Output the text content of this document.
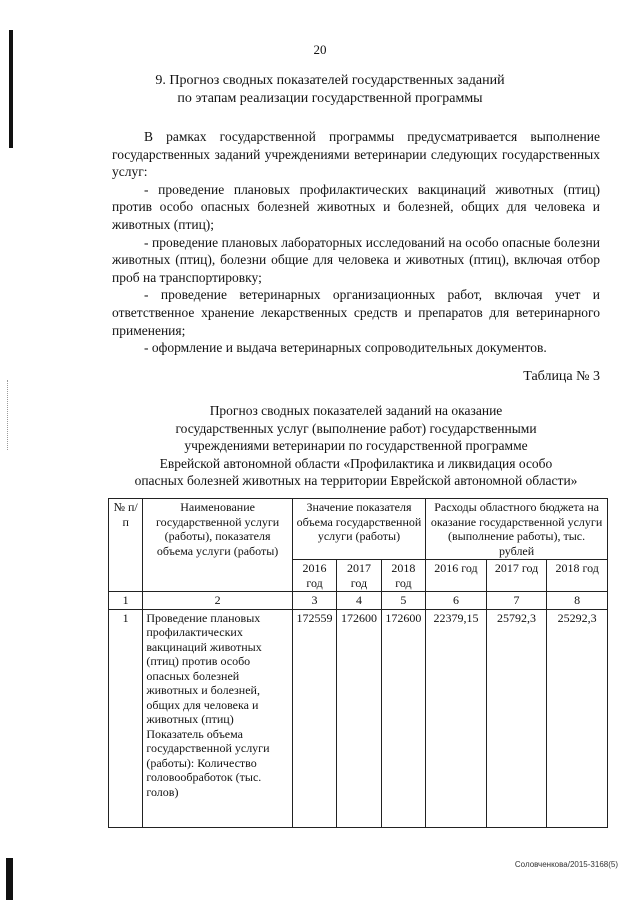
20
9. Прогноз сводных показателей государственных заданий
по этапам реализации государственной программы

В рамках государственной программы предусматривается выполнение государственных заданий учреждениями ветеринарии следующих государственных услуг:

- проведение плановых профилактических вакцинаций животных (птиц) против особо опасных болезней животных и болезней, общих для человека и животных (птиц);

- проведение плановых лабораторных исследований на особо опасные болезни животных (птиц), болезни общие для человека и животных (птиц), включая отбор проб на транспортировку;

- проведение ветеринарных организационных работ, включая учет и ответственное хранение лекарственных средств и препаратов для ветеринарного применения;

- оформление и выдача ветеринарных сопроводительных документов.

Таблица № 3
Прогноз сводных показателей заданий на оказание
государственных услуг (выполнение работ) государственными
учреждениями ветеринарии по государственной программе
Еврейской автономной области «Профилактика и ликвидация особо
опасных болезней животных на территории Еврейской автономной области»
№ п/п	Наименование государственной услуги (работы), показателя объема услуги (работы)	Значение показателя объема государственной услуги (работы)			Расходы областного бюджета на оказание государственной услуги (выполнение работы), тыс. рублей		
		2016 год	2017 год	2018 год	2016 год	2017 год	2018 год
1	2	3	4	5	6	7	8
1	Проведение плановых профилактических вакцинаций животных (птиц) против особо опасных болезней животных и болезней, общих для человека и животных (птиц) Показатель объема государственной услуги (работы): Количество головообработок (тыс. голов)	172559	172600	172600	22379,15	25792,3	25292,3
Соловченкова/2015-3168(5)
